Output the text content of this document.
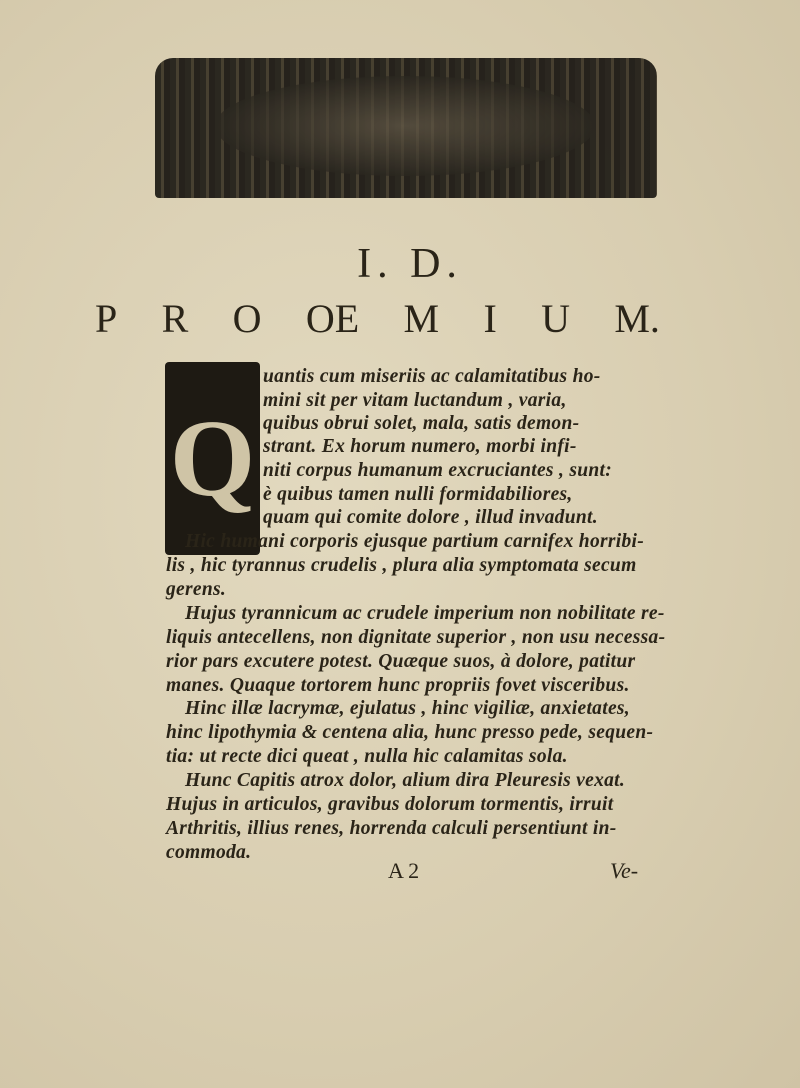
I. D.
P R O OE M I U M.
Q
uantis cum miseriis ac calamitatibus ho-
mini sit per vitam luctandum , varia,
quibus obrui solet, mala, satis demon-
strant. Ex horum numero, morbi infi-
niti corpus humanum excruciantes , sunt:
è quibus tamen nulli formidabiliores,
quam qui comite dolore , illud invadunt.
Hic humani corporis ejusque partium carnifex horribi-
lis , hic tyrannus crudelis , plura alia symptomata secum
gerens.
Hujus tyrannicum ac crudele imperium non nobilitate re-
liquis antecellens, non dignitate superior , non usu necessa-
rior pars excutere potest. Quæque suos, à dolore, patitur
manes. Quaque tortorem hunc propriis fovet visceribus.
Hinc illæ lacrymæ, ejulatus , hinc vigiliæ, anxietates,
hinc lipothymia & centena alia, hunc presso pede, sequen-
tia: ut recte dici queat , nulla hic calamitas sola.
Hunc Capitis atrox dolor, alium dira Pleuresis vexat.
Hujus in articulos, gravibus dolorum tormentis, irruit
Arthritis, illius renes, horrenda calculi persentiunt in-
commoda.
A 2	Ve-
